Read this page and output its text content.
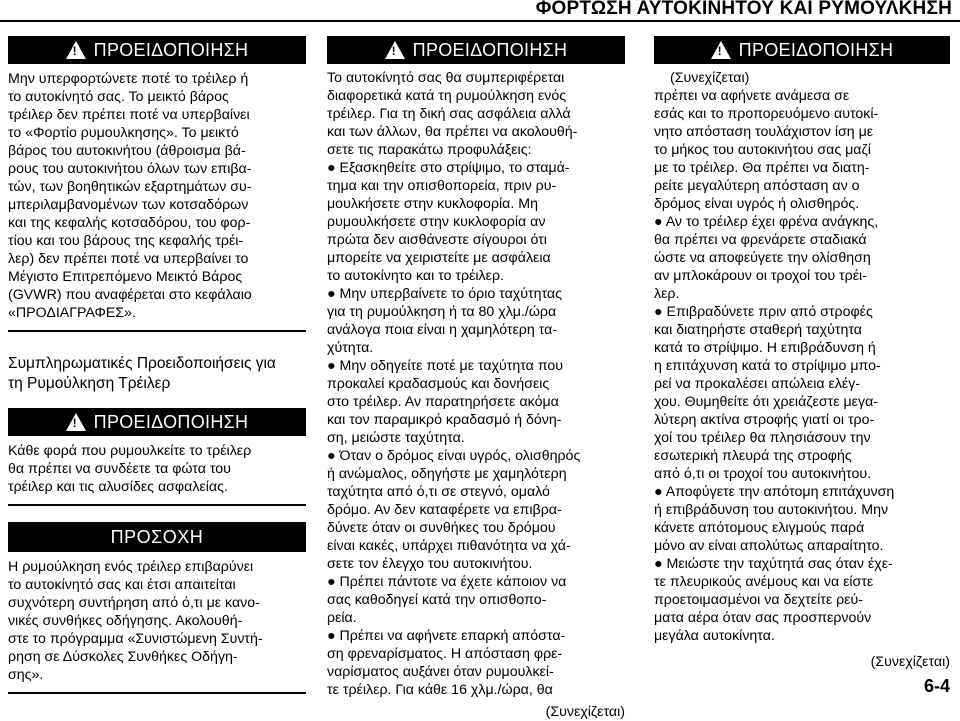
ΦΟΡΤΩΣΗ ΑΥΤΟΚΙΝΗΤΟΥ ΚΑΙ ΡΥΜΟΥΛΚΗΣΗ
! ΠΡΟΕΙΔΟΠΟΙΗΣΗ

Μην υπερφορτώνετε ποτέ το τρέιλερ ή
το αυτοκίνητό σας. Το μεικτό βάρος
τρέιλερ δεν πρέπει ποτέ να υπερβαίνει
το «Φορτίο ρυμουλκησης». Το μεικτό
βάρος του αυτοκινήτου (άθροισμα βά-
ρους του αυτοκινήτου όλων των επιβα-
τών, των βοηθητικών εξαρτημάτων συ-
μπεριλαμβανομένων των κοτσαδόρων
και της κεφαλής κοτσαδόρου, του φορ-
τίου και του βάρους της κεφαλής τρέι-
λερ) δεν πρέπει ποτέ να υπερβαίνει το
Μέγιστο Επιτρεπόμενο Μεικτό Βάρος
(GVWR) που αναφέρεται στο κεφάλαιο
«ΠΡΟΔΙΑΓΡΑΦΕΣ».

Συμπληρωματικές Προειδοποιήσεις για
τη Ρυμούλκηση Τρέιλερ

! ΠΡΟΕΙΔΟΠΟΙΗΣΗ

Κάθε φορά που ρυμουλκείτε το τρέιλερ
θα πρέπει να συνδέετε τα φώτα του
τρέιλερ και τις αλυσίδες ασφαλείας.

ΠΡΟΣΟΧΗ

Η ρυμούλκηση ενός τρέιλερ επιβαρύνει
το αυτοκίνητό σας και έτσι απαιτείται
συχνότερη συντήρηση από ό,τι με κανο-
νικές συνθήκες οδήγησης. Ακολουθή-
στε το πρόγραμμα «Συνιστώμενη Συντή-
ρηση σε Δύσκολες Συνθήκες Οδήγη-
σης».

! ΠΡΟΕΙΔΟΠΟΙΗΣΗ

Το αυτοκίνητό σας θα συμπεριφέρεται
διαφορετικά κατά τη ρυμούλκηση ενός
τρέιλερ. Για τη δική σας ασφάλεια αλλά
και των άλλων, θα πρέπει να ακολουθή-
σετε τις παρακάτω προφυλάξεις:
● Εξασκηθείτε στο στρίψιμο, το σταμά-
τημα και την οπισθοπορεία, πριν ρυ-
μουλκήσετε στην κυκλοφορία. Μη
ρυμουλκήσετε στην κυκλοφορία αν
πρώτα δεν αισθάνεστε σίγουροι ότι
μπορείτε να χειριστείτε με ασφάλεια
το αυτοκίνητο και το τρέιλερ.
● Μην υπερβαίνετε το όριο ταχύτητας
για τη ρυμούλκηση ή τα 80 χλμ./ώρα
ανάλογα ποια είναι η χαμηλότερη τα-
χύτητα.
● Μην οδηγείτε ποτέ με ταχύτητα που
προκαλεί κραδασμούς και δονήσεις
στο τρέιλερ. Αν παρατηρήσετε ακόμα
και τον παραμικρό κραδασμό ή δόνη-
ση, μειώστε ταχύτητα.
● Όταν ο δρόμος είναι υγρός, ολισθηρός
ή ανώμαλος, οδηγήστε με χαμηλότερη
ταχύτητα από ό,τι σε στεγνό, ομαλό
δρόμο. Αν δεν καταφέρετε να επιβρα-
δύνετε όταν οι συνθήκες του δρόμου
είναι κακές, υπάρχει πιθανότητα να χά-
σετε τον έλεγχο του αυτοκινήτου.
● Πρέπει πάντοτε να έχετε κάποιον να
σας καθοδηγεί κατά την οπισθοπο-
ρεία.
● Πρέπει να αφήνετε επαρκή απόστα-
ση φρεναρίσματος. Η απόσταση φρε-
ναρίσματος αυξάνει όταν ρυμουλκεί-
τε τρέιλερ. Για κάθε 16 χλμ./ώρα, θα

(Συνεχίζεται)

! ΠΡΟΕΙΔΟΠΟΙΗΣΗ

(Συνεχίζεται)

πρέπει να αφήνετε ανάμεσα σε
εσάς και το προπορευόμενο αυτοκί-
νητο απόσταση τουλάχιστον ίση με
το μήκος του αυτοκινήτου σας μαζί
με το τρέιλερ. Θα πρέπει να διατη-
ρείτε μεγαλύτερη απόσταση αν ο
δρόμος είναι υγρός ή ολισθηρός.
● Αν το τρέιλερ έχει φρένα ανάγκης,
θα πρέπει να φρενάρετε σταδιακά
ώστε να αποφεύγετε την ολίσθηση
αν μπλοκάρουν οι τροχοί του τρέι-
λερ.
● Επιβραδύνετε πριν από στροφές
και διατηρήστε σταθερή ταχύτητα
κατά το στρίψιμο. Η επιβράδυνση ή
η επιτάχυνση κατά το στρίψιμο μπο-
ρεί να προκαλέσει απώλεια ελέγ-
χου. Θυμηθείτε ότι χρειάζεστε μεγα-
λύτερη ακτίνα στροφής γιατί οι τρο-
χοί του τρέιλερ θα πλησιάσουν την
εσωτερική πλευρά της στροφής
από ό,τι οι τροχοί του αυτοκινήτου.
● Αποφύγετε την απότομη επιτάχυνση
ή επιβράδυνση του αυτοκινήτου. Μην
κάνετε απότομους ελιγμούς παρά
μόνο αν είναι απολύτως απαραίτητο.
● Μειώστε την ταχύτητά σας όταν έχε-
τε πλευρικούς ανέμους και να είστε
προετοιμασμένοι να δεχτείτε ρεύ-
ματα αέρα όταν σας προσπερνούν
μεγάλα αυτοκίνητα.

(Συνεχίζεται)

6-4
